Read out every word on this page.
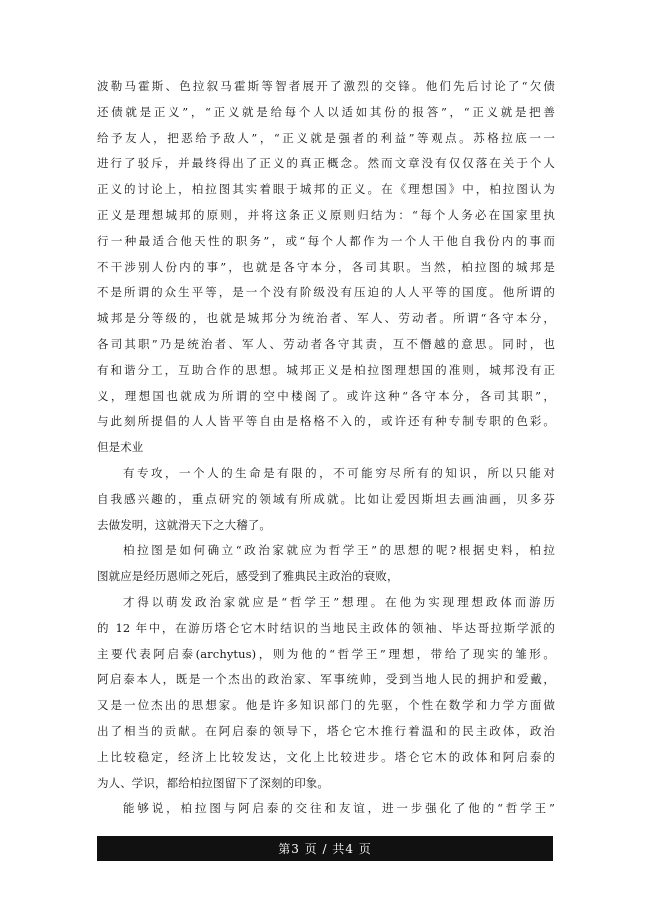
波勒马霍斯、色拉叙马霍斯等智者展开了激烈的交锋。他们先后讨论了“欠债
还债就是正义”，“正义就是给每个人以适如其份的报答”，“正义就是把善
给予友人，把恶给予敌人”，“正义就是强者的利益”等观点。苏格拉底一一
进行了驳斥，并最终得出了正义的真正概念。然而文章没有仅仅落在关于个人
正义的讨论上，柏拉图其实着眼于城邦的正义。在《理想国》中，柏拉图认为
正义是理想城邦的原则，并将这条正义原则归结为：“每个人务必在国家里执
行一种最适合他天性的职务”，或“每个人都作为一个人干他自我份内的事而
不干涉别人份内的事”，也就是各守本分，各司其职。当然，柏拉图的城邦是
不是所谓的众生平等，是一个没有阶级没有压迫的人人平等的国度。他所谓的
城邦是分等级的，也就是城邦分为统治者、军人、劳动者。所谓“各守本分，
各司其职”乃是统治者、军人、劳动者各守其责，互不僭越的意思。同时，也
有和谐分工，互助合作的思想。城邦正义是柏拉图理想国的准则，城邦没有正
义，理想国也就成为所谓的空中楼阁了。或许这种“各守本分，各司其职”，
与此刻所提倡的人人皆平等自由是格格不入的，或许还有种专制专职的色彩。
但是术业
有专攻，一个人的生命是有限的，不可能穷尽所有的知识，所以只能对
自我感兴趣的，重点研究的领域有所成就。比如让爱因斯坦去画油画，贝多芬
去做发明，这就滑天下之大稽了。
柏拉图是如何确立“政治家就应为哲学王”的思想的呢?根据史料，柏拉
图就应是经历恩师之死后，感受到了雅典民主政治的衰败，
才得以萌发政治家就应是“哲学王”想理。在他为实现理想政体而游历
的 12 年中，在游历塔仑它木时结识的当地民主政体的领袖、毕达哥拉斯学派的
主要代表阿启泰(archytus)，则为他的“哲学王”理想，带给了现实的雏形。
阿启泰本人，既是一个杰出的政治家、军事统帅，受到当地人民的拥护和爱戴，
又是一位杰出的思想家。他是许多知识部门的先驱，个性在数学和力学方面做
出了相当的贡献。在阿启泰的领导下，塔仑它木推行着温和的民主政体，政治
上比较稳定，经济上比较发达，文化上比较进步。塔仑它木的政体和阿启泰的
为人、学识，都给柏拉图留下了深刻的印象。
能够说，柏拉图与阿启泰的交往和友谊，进一步强化了他的“哲学王”
第3 页 / 共4 页
